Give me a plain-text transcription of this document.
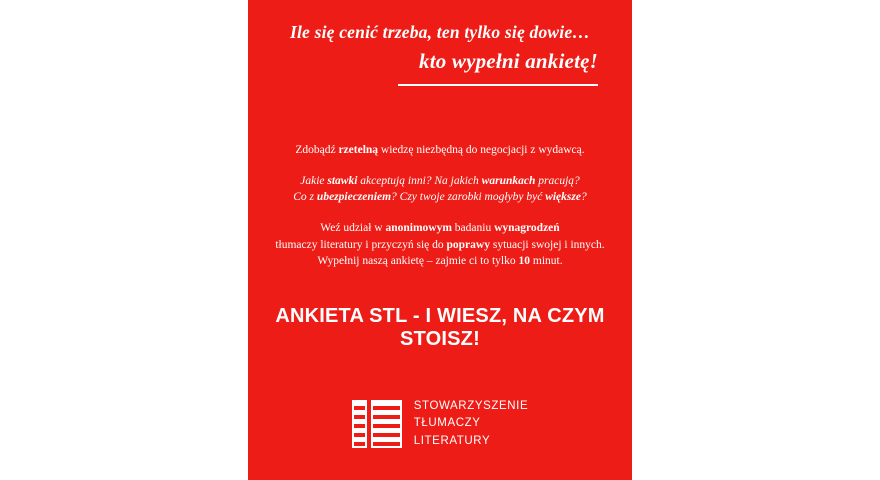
Ile się cenić trzeba, ten tylko się dowie…
kto wypełni ankietę!

Zdobądź rzetelną wiedzę niezbędną do negocjacji z wydawcą.

Jakie stawki akceptują inni? Na jakich warunkach pracują?
Co z ubezpieczeniem? Czy twoje zarobki mogłyby być większe?

Weź udział w anonimowym badaniu wynagrodzeń
tłumaczy literatury i przyczyń się do poprawy sytuacji swojej i innych.
Wypełnij naszą ankietę – zajmie ci to tylko 10 minut.

ANKIETA STL - I WIESZ, NA CZYM STOISZ!
STOWARZYSZENIE
TŁUMACZY
LITERATURY
